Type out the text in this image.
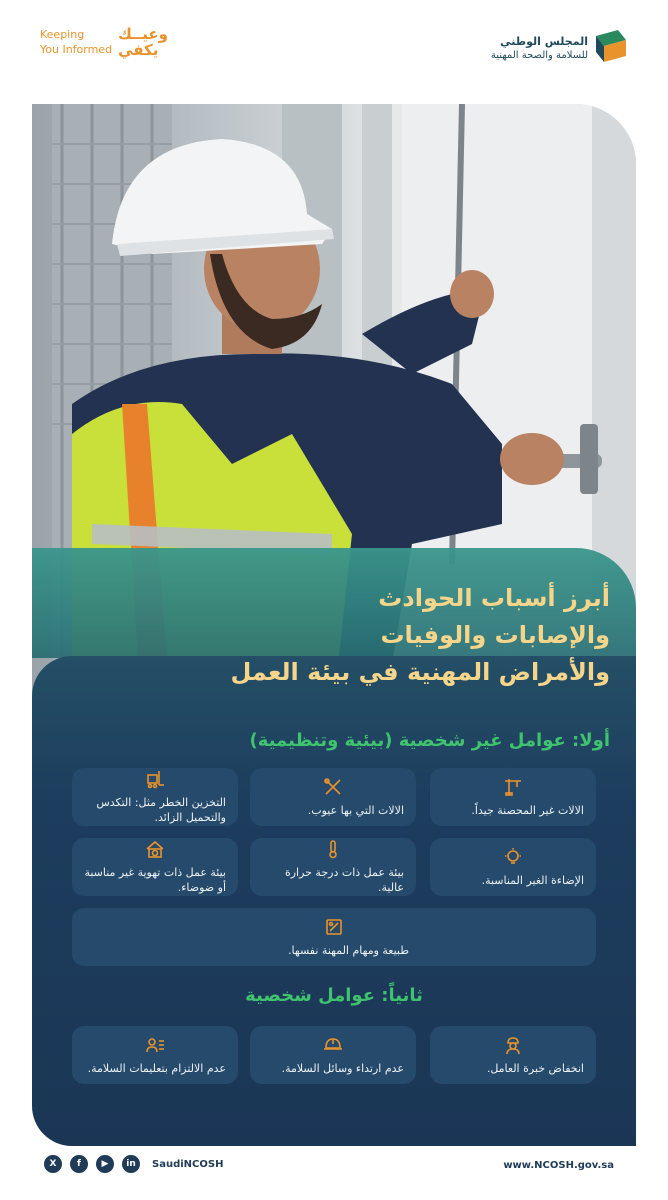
المجلس الوطني
للسلامة والصحة المهنية
Keeping
You Informed
وعيــك
يكفي
أبرز أسباب الحوادث
والإصابات والوفيات
والأمراض المهنية في بيئة العمل
أولا: عوامل غير شخصية (بيئية وتنظيمية)
الالات غير المحصنة جيداً.
الالات التي بها عيوب.
التخزين الخطر مثل: التكدس والتحميل الزائد.
الإضاءة الغير المناسبة.
بيئة عمل ذات درجة حرارة عالية.
بيئة عمل ذات تهوية غير مناسبة أو ضوضاء.
طبيعة ومهام المهنة نفسها.
ثانياً: عوامل شخصية
انخفاض خبرة العامل.
عدم ارتداء وسائل السلامة.
عدم الالتزام بتعليمات السلامة.
www.NCOSH.gov.sa
X	f	▶	in	SaudiNCOSH
